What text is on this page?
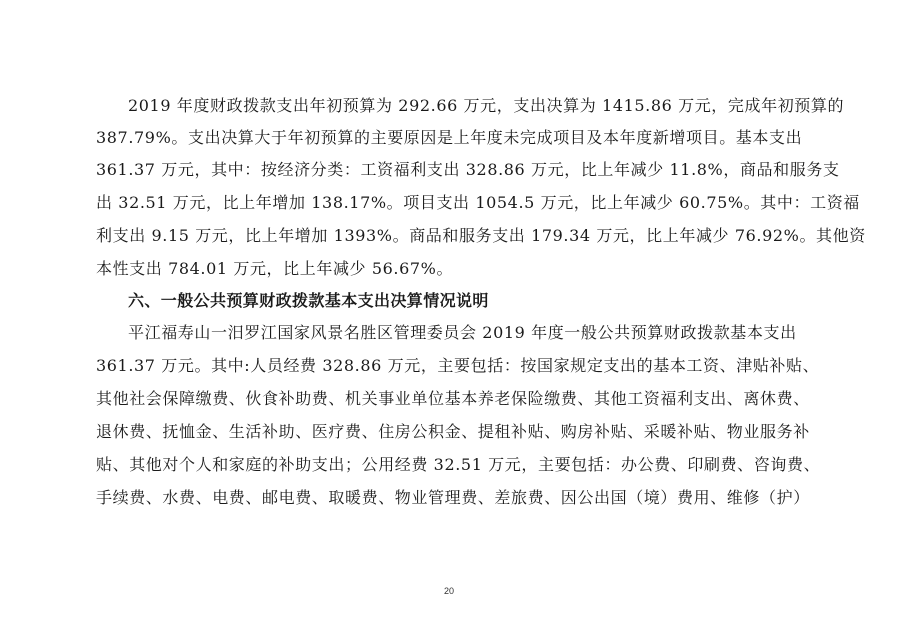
2019 年度财政拨款支出年初预算为 292.66 万元，支出决算为 1415.86 万元，完成年初预算的

387.79%。支出决算大于年初预算的主要原因是上年度未完成项目及本年度新增项目。基本支出

361.37 万元，其中：按经济分类：工资福利支出 328.86 万元，比上年减少 11.8%，商品和服务支

出 32.51 万元，比上年增加 138.17%。项目支出 1054.5 万元，比上年减少 60.75%。其中：工资福

利支出 9.15 万元，比上年增加 1393%。商品和服务支出 179.34 万元，比上年减少 76.92%。其他资

本性支出 784.01 万元，比上年减少 56.67%。

六、一般公共预算财政拨款基本支出决算情况说明

平江福寿山一汨罗江国家风景名胜区管理委员会 2019 年度一般公共预算财政拨款基本支出

361.37 万元。其中:人员经费 328.86 万元，主要包括：按国家规定支出的基本工资、津贴补贴、

其他社会保障缴费、伙食补助费、机关事业单位基本养老保险缴费、其他工资福利支出、离休费、

退休费、抚恤金、生活补助、医疗费、住房公积金、提租补贴、购房补贴、采暖补贴、物业服务补

贴、其他对个人和家庭的补助支出；公用经费 32.51 万元，主要包括：办公费、印刷费、咨询费、

手续费、水费、电费、邮电费、取暖费、物业管理费、差旅费、因公出国（境）费用、维修（护）

20
